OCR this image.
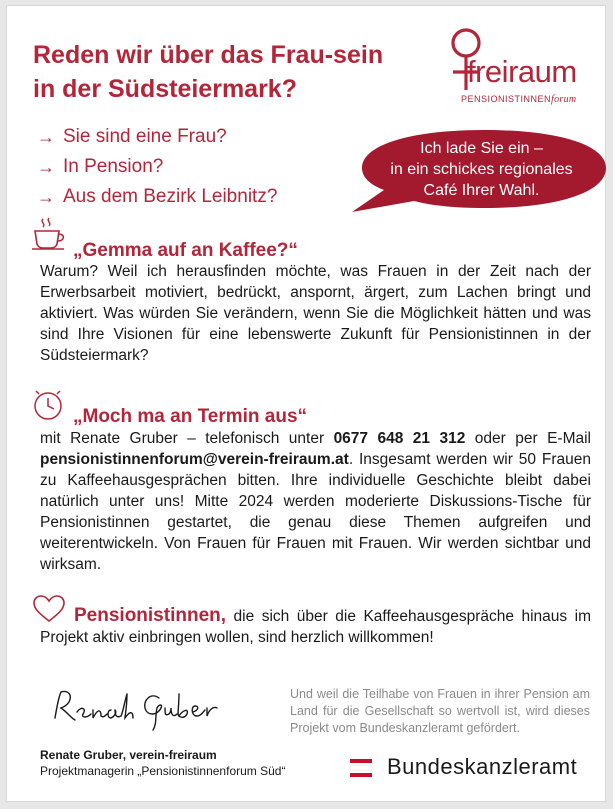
Reden wir über das Frau-sein
in der Südsteiermark?	freiraum
PENSIONISTINNENforum
→ Sie sind eine Frau?
→ In Pension?
→ Aus dem Bezirk Leibnitz?
Ich lade Sie ein –
in ein schickes regionales
Café Ihrer Wahl.
„Gemma auf an Kaffee?“

Warum? Weil ich herausfinden möchte, was Frauen in der Zeit nach der Erwerbsarbeit motiviert, bedrückt, anspornt, ärgert, zum Lachen bringt und aktiviert. Was würden Sie verändern, wenn Sie die Möglichkeit hätten und was sind Ihre Visionen für eine lebenswerte Zukunft für Pensionistinnen in der Südsteiermark?

„Moch ma an Termin aus“

mit Renate Gruber – telefonisch unter 0677 648 21 312 oder per E-Mail pensionistinnenforum@verein-freiraum.at. Insgesamt werden wir 50 Frauen zu Kaffeehausgesprächen bitten. Ihre individuelle Geschichte bleibt dabei natürlich unter uns! Mitte 2024 werden moderierte Diskussions-Tische für Pensionistinnen gestartet, die genau diese Themen aufgreifen und weiterentwickeln. Von Frauen für Frauen mit Frauen. Wir werden sichtbar und wirksam.

Pensionistinnen, die sich über die Kaffeehausgespräche hinaus im Projekt aktiv einbringen wollen, sind herzlich willkommen!

Und weil die Teilhabe von Frauen in ihrer Pension am Land für die Gesellschaft so wertvoll ist, wird dieses Projekt vom Bundeskanzleramt gefördert.

Renate Gruber, verein-freiraum
Projektmanagerin „Pensionistinnenforum Süd“	Bundeskanzleramt
